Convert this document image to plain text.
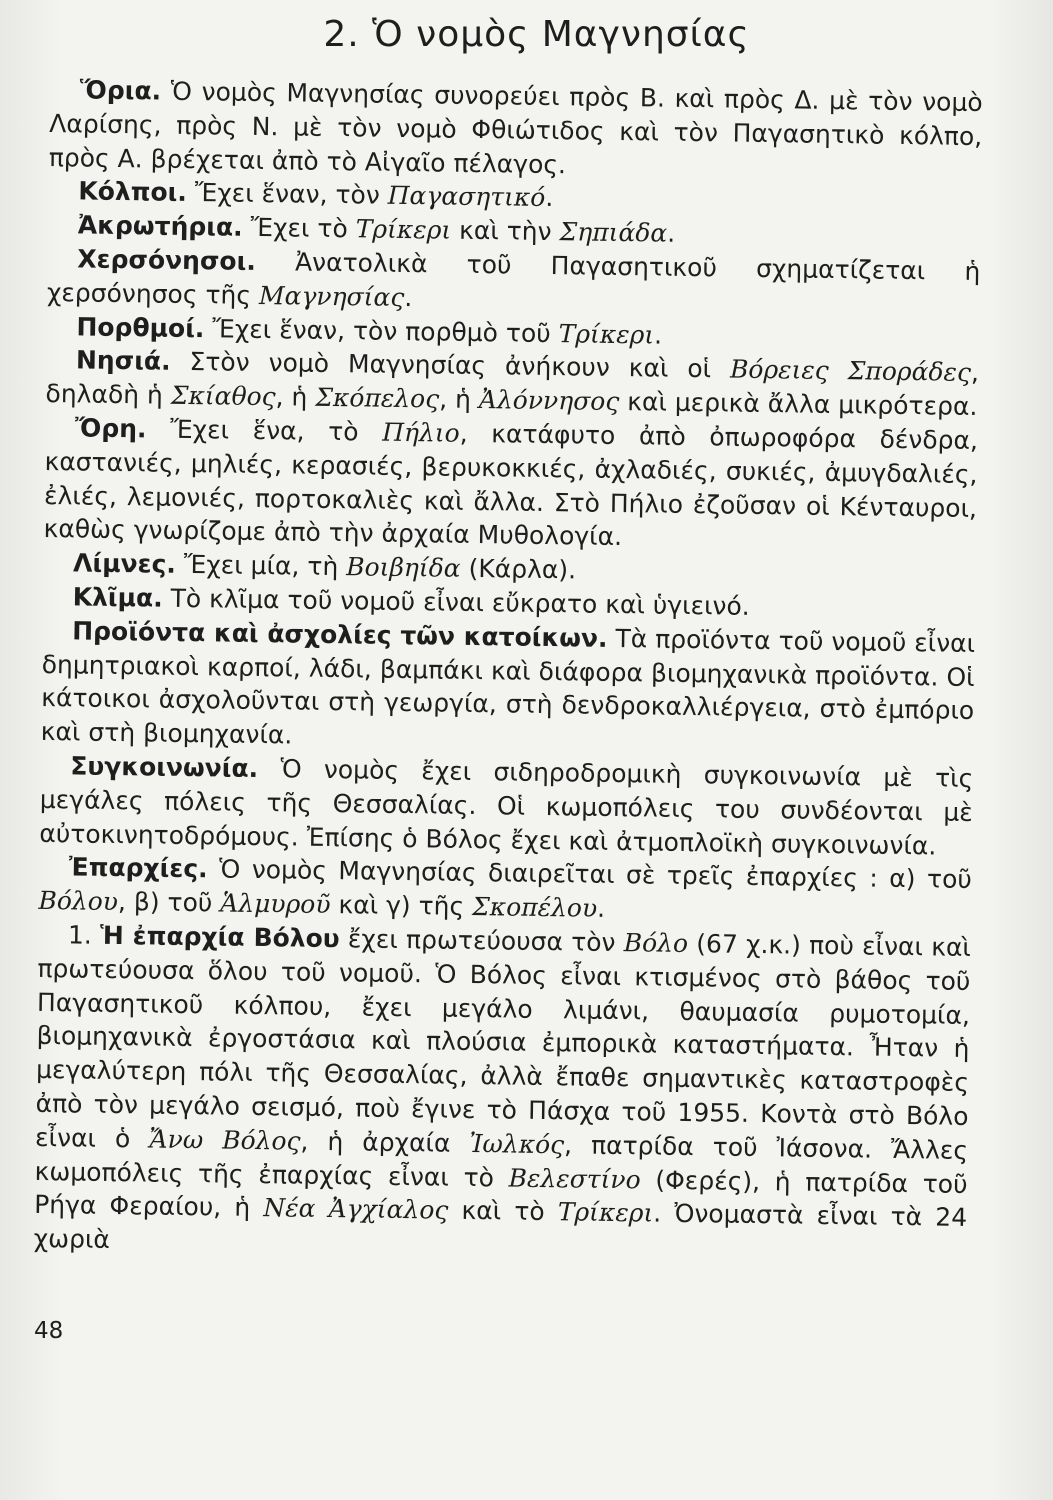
2. Ὁ νομὸς Μαγνησίας

Ὅρια. Ὁ νομὸς Μαγνησίας συνορεύει πρὸς Β. καὶ πρὸς Δ. μὲ τὸν νομὸ Λαρίσης, πρὸς Ν. μὲ τὸν νομὸ Φθιώτιδος καὶ τὸν Παγασητικὸ κόλπο, πρὸς Α. βρέχεται ἀπὸ τὸ Αἰγαῖο πέλαγος.

Κόλποι. Ἔχει ἕναν, τὸν Παγασητικό.

Ἀκρωτήρια. Ἔχει τὸ Τρίκερι καὶ τὴν Σηπιάδα.

Χερσόνησοι. Ἀνατολικὰ τοῦ Παγασητικοῦ σχηματίζεται ἡ χερσόνησος τῆς Μαγνησίας.

Πορθμοί. Ἔχει ἕναν, τὸν πορθμὸ τοῦ Τρίκερι.

Νησιά. Στὸν νομὸ Μαγνησίας ἀνήκουν καὶ οἱ Βόρειες Σποράδες, δηλαδὴ ἡ Σκίαθος, ἡ Σκόπελος, ἡ Ἀλόννησος καὶ μερικὰ ἄλλα μικρότερα.

Ὄρη. Ἔχει ἕνα, τὸ Πήλιο, κατάφυτο ἀπὸ ὀπωροφόρα δένδρα, καστανιές, μηλιές, κερασιές, βερυκοκκιές, ἀχλαδιές, συκιές, ἀμυγδαλιές, ἐλιές, λεμονιές, πορτοκαλιὲς καὶ ἄλλα. Στὸ Πήλιο ἐζοῦσαν οἱ Κένταυροι, καθὼς γνωρίζομε ἀπὸ τὴν ἀρχαία Μυθολογία.

Λίμνες. Ἔχει μία, τὴ Βοιβηίδα (Κάρλα).

Κλῖμα. Τὸ κλῖμα τοῦ νομοῦ εἶναι εὔκρατο καὶ ὑγιεινό.

Προϊόντα καὶ ἀσχολίες τῶν κατοίκων. Τὰ προϊόντα τοῦ νομοῦ εἶναι δημητριακοὶ καρποί, λάδι, βαμπάκι καὶ διάφορα βιομηχανικὰ προϊόντα. Οἱ κάτοικοι ἀσχολοῦνται στὴ γεωργία, στὴ δενδροκαλλιέργεια, στὸ ἐμπόριο καὶ στὴ βιομηχανία.

Συγκοινωνία. Ὁ νομὸς ἔχει σιδηροδρομικὴ συγκοινωνία μὲ τὶς μεγάλες πόλεις τῆς Θεσσαλίας. Οἱ κωμοπόλεις του συνδέονται μὲ αὐτοκινητοδρόμους. Ἐπίσης ὁ Βόλος ἔχει καὶ ἀτμοπλοϊκὴ συγκοινωνία.

Ἐπαρχίες. Ὁ νομὸς Μαγνησίας διαιρεῖται σὲ τρεῖς ἐπαρχίες : α) τοῦ Βόλου, β) τοῦ Ἁλμυροῦ καὶ γ) τῆς Σκοπέλου.

1. Ἡ ἐπαρχία Βόλου ἔχει πρωτεύουσα τὸν Βόλο (67 χ.κ.) ποὺ εἶναι καὶ πρωτεύουσα ὅλου τοῦ νομοῦ. Ὁ Βόλος εἶναι κτισμένος στὸ βάθος τοῦ Παγασητικοῦ κόλπου, ἔχει μεγάλο λιμάνι, θαυμασία ρυμοτομία, βιομηχανικὰ ἐργοστάσια καὶ πλούσια ἐμπορικὰ καταστήματα. Ἦταν ἡ μεγαλύτερη πόλι τῆς Θεσσαλίας, ἀλλὰ ἔπαθε σημαντικὲς καταστροφὲς ἀπὸ τὸν μεγάλο σεισμό, ποὺ ἔγινε τὸ Πάσχα τοῦ 1955. Κοντὰ στὸ Βόλο εἶναι ὁ Ἄνω Βόλος, ἡ ἀρχαία Ἰωλκός, πατρίδα τοῦ Ἰάσονα. Ἄλλες κωμοπόλεις τῆς ἐπαρχίας εἶναι τὸ Βελεστίνο (Φερές), ἡ πατρίδα τοῦ Ρήγα Φεραίου, ἡ Νέα Ἀγχίαλος καὶ τὸ Τρίκερι. Ὀνομαστὰ εἶναι τὰ 24 χωριὰ

48
